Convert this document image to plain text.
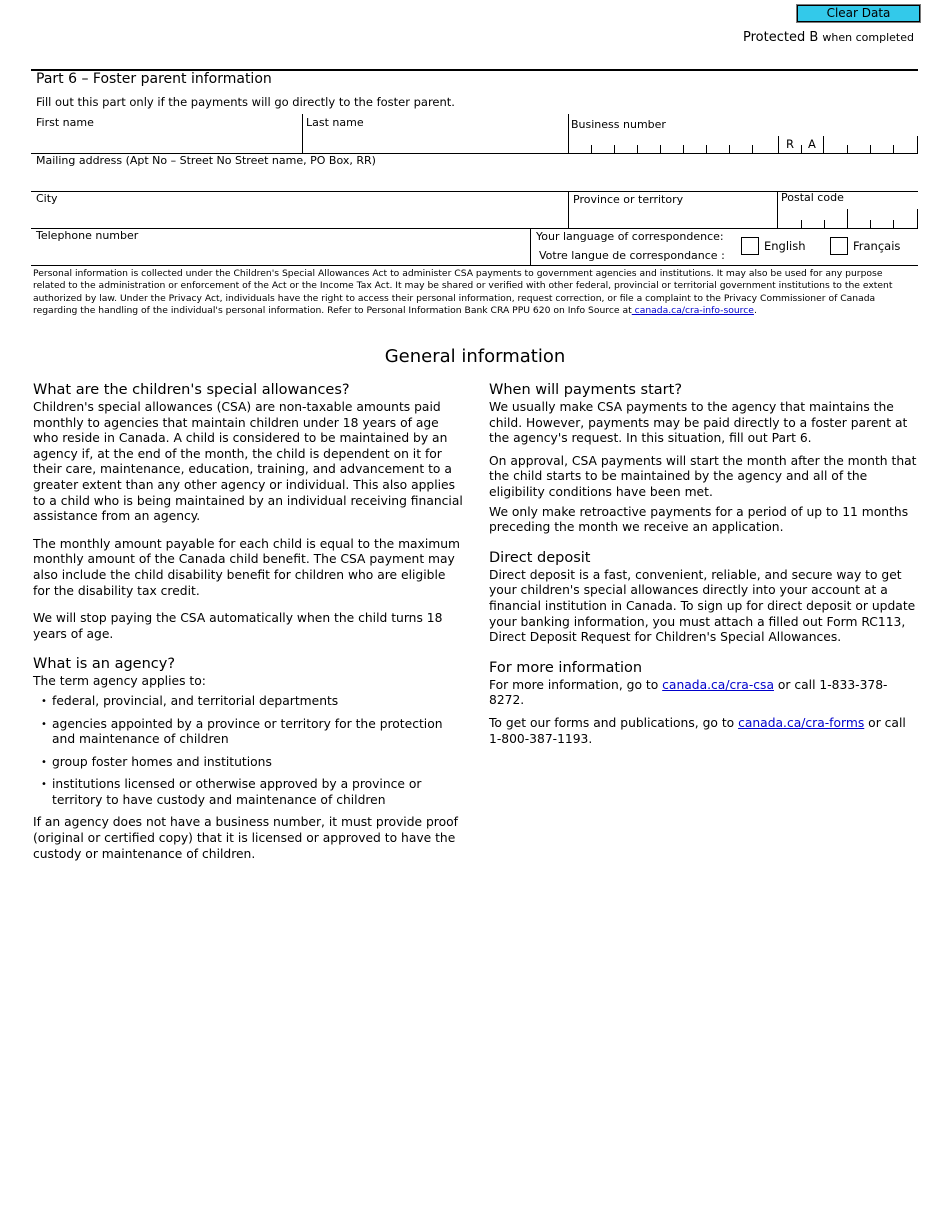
Clear Data
Protected B when completed
Part 6 – Foster parent information
Fill out this part only if the payments will go directly to the foster parent.
First name	Last name	Business number
R A
Mailing address (Apt No – Street No Street name, PO Box, RR)
City	Province or territory	Postal code
Telephone number	Your language of correspondence:
Votre langue de correspondance :
English	Français
Personal information is collected under the Children's Special Allowances Act to administer CSA payments to government agencies and institutions. It may also be used for any purpose related to the administration or enforcement of the Act or the Income Tax Act. It may be shared or verified with other federal, provincial or territorial government institutions to the extent authorized by law. Under the Privacy Act, individuals have the right to access their personal information, request correction, or file a complaint to the Privacy Commissioner of Canada regarding the handling of the individual's personal information. Refer to Personal Information Bank CRA PPU 620 on Info Source at canada.ca/cra-info-source.
General information
What are the children's special allowances?

Children's special allowances (CSA) are non-taxable amounts paid monthly to agencies that maintain children under 18 years of age who reside in Canada. A child is considered to be maintained by an agency if, at the end of the month, the child is dependent on it for their care, maintenance, education, training, and advancement to a greater extent than any other agency or individual. This also applies to a child who is being maintained by an individual receiving financial assistance from an agency.

The monthly amount payable for each child is equal to the maximum monthly amount of the Canada child benefit. The CSA payment may also include the child disability benefit for children who are eligible for the disability tax credit.

We will stop paying the CSA automatically when the child turns 18 years of age.

What is an agency?

The term agency applies to:

• federal, provincial, and territorial departments
• agencies appointed by a province or territory for the protection and maintenance of children
• group foster homes and institutions
• institutions licensed or otherwise approved by a province or territory to have custody and maintenance of children

If an agency does not have a business number, it must provide proof (original or certified copy) that it is licensed or approved to have the custody or maintenance of children.

When will payments start?

We usually make CSA payments to the agency that maintains the child. However, payments may be paid directly to a foster parent at the agency's request. In this situation, fill out Part 6.

On approval, CSA payments will start the month after the month that the child starts to be maintained by the agency and all of the eligibility conditions have been met.

We only make retroactive payments for a period of up to 11 months preceding the month we receive an application.

Direct deposit

Direct deposit is a fast, convenient, reliable, and secure way to get your children's special allowances directly into your account at a financial institution in Canada. To sign up for direct deposit or update your banking information, you must attach a filled out Form RC113, Direct Deposit Request for Children's Special Allowances.

For more information

For more information, go to canada.ca/cra-csa or call 1-833-378-8272.

To get our forms and publications, go to canada.ca/cra-forms or call 1-800-387-1193.
